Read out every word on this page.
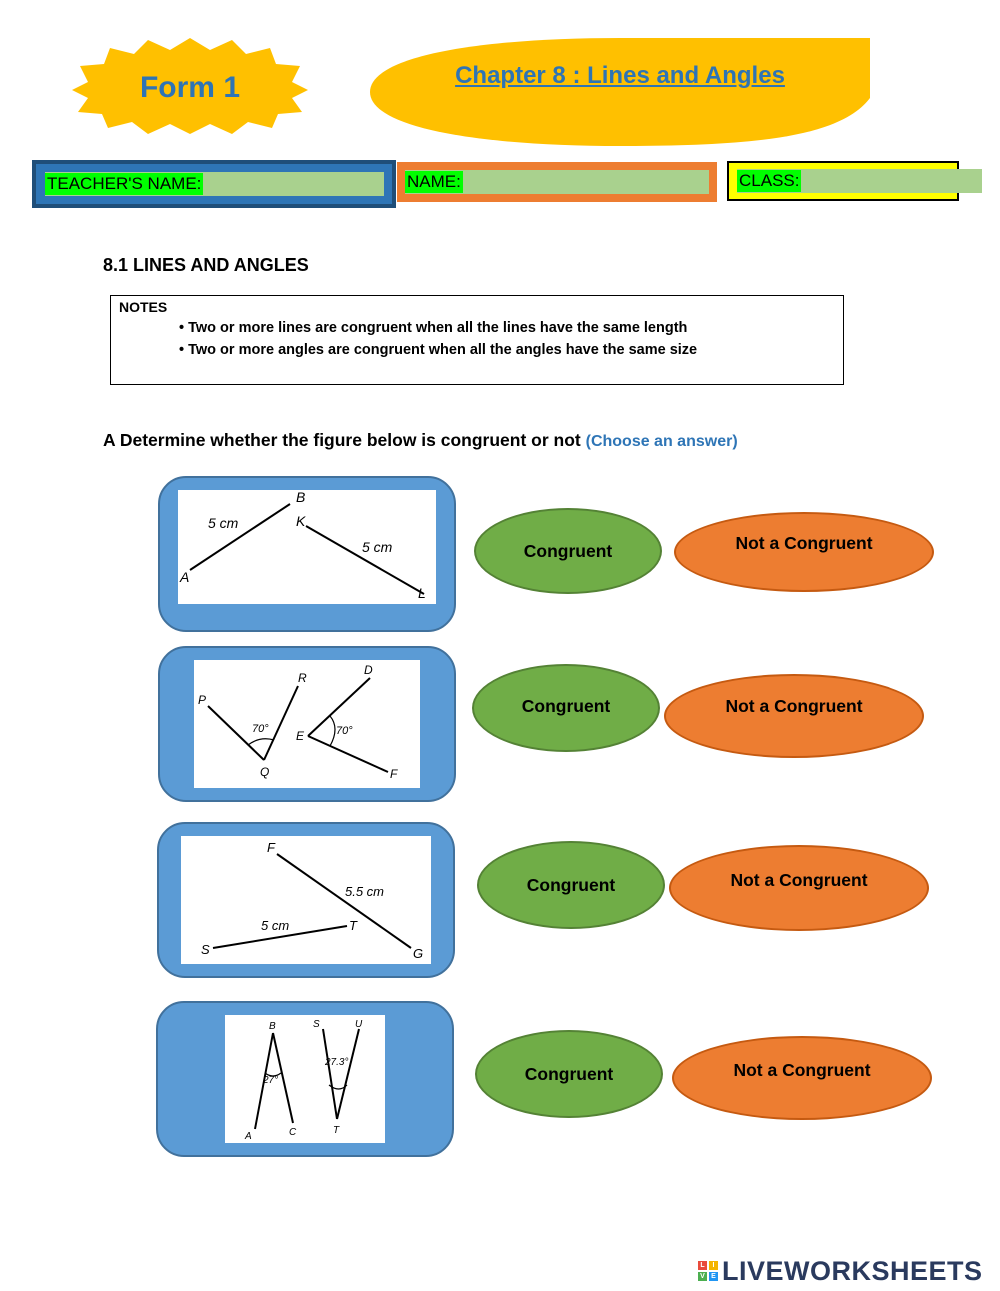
Form 1	Chapter 8 : Lines and Angles
TEACHER'S NAME:	NAME:	CLASS:
8.1 LINES AND ANGLES
NOTES
• Two or more lines are congruent when all the lines have the same length
• Two or more angles are congruent when all the angles have the same size
A Determine whether the figure below is congruent or not (Choose an answer)
5 cm
B
K
5 cm
A
L
Congruent	Not a Congruent
R
D
P
70° E	70°
Q	F
Congruent	Not a Congruent
F
5.5 cm
5 cm	T
S	G
Congruent	Not a Congruent
B	S	U
27.3°
27°
A	C	T
Congruent	Not a Congruent
L	I
V E LIVEWORKSHEETS
